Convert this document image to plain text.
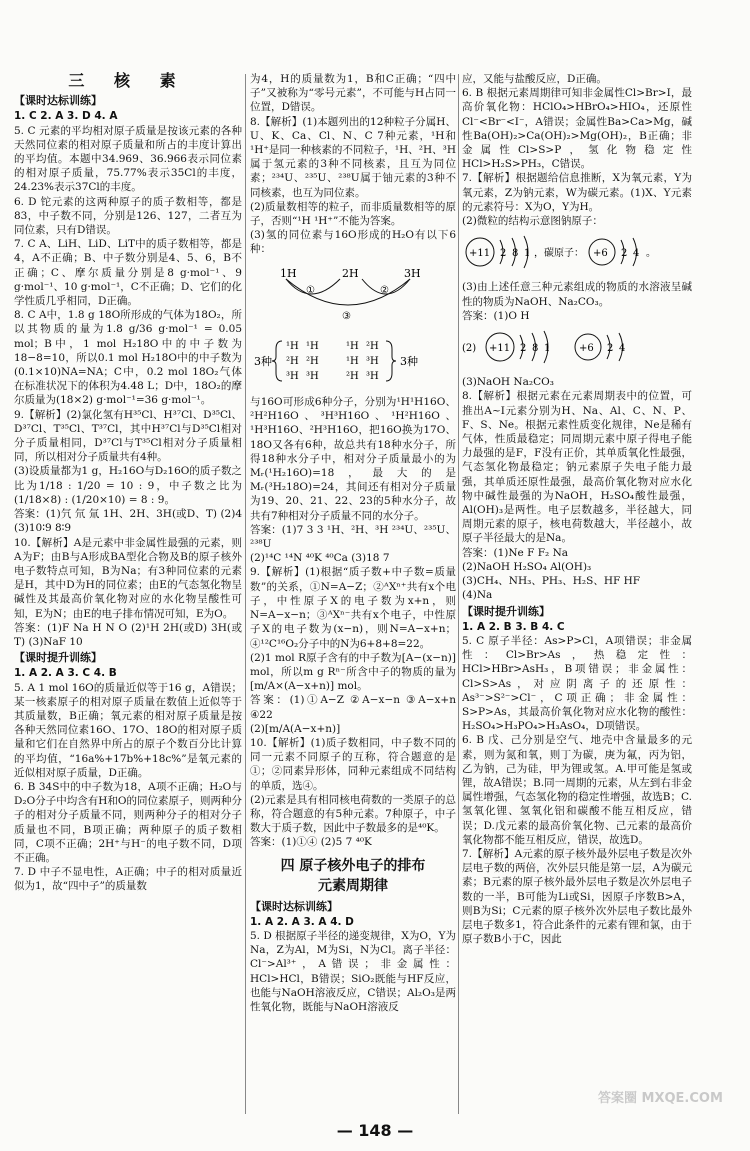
三 核 素
【课时达标训练】
1. C 2. A 3. D 4. A
5. C 元素的平均相对原子质量是按该元素的各种天然同位素的相对原子质量和所占的丰度计算出的平均值。本题中34.969、36.966表示同位素的相对原子质量，75.77%表示35Cl的丰度，24.23%表示37Cl的丰度。
6. D 铊元素的这两种原子的质子数相等，都是83，中子数不同，分别是126、127，二者互为同位素，只有D错误。
7. C A、LiH、LiD、LiT中的质子数相等，都是4，A不正确；B、中子数分别是4、5、6，B不正确；C、摩尔质量分别是8 g·mol⁻¹、9 g·mol⁻¹、10 g·mol⁻¹，C不正确；D、它们的化学性质几乎相同，D正确。
8. C A中，1.8 g 18O所形成的气体为18O₂，所以其物质的量为1.8 g/36 g·mol⁻¹ = 0.05 mol；B中，1 mol H₂18O中的中子数为18−8=10，所以0.1 mol H₂18O中的中子数为(0.1×10)NA=NA；C中，0.2 mol 18O₂气体在标准状况下的体积为4.48 L；D中，18O₂的摩尔质量为(18×2) g·mol⁻¹=36 g·mol⁻¹。
9.【解析】(2)氯化氢有H³⁵Cl、H³⁷Cl、D³⁵Cl、D³⁷Cl、T³⁵Cl、T³⁷Cl，其中H³⁷Cl与D³⁵Cl相对分子质量相同，D³⁷Cl与T³⁵Cl相对分子质量相同，所以相对分子质量共有4种。
(3)设质量都为1 g，H₂16O与D₂16O的质子数之比为1/18 : 1/20 = 10 : 9，中子数之比为(1/18×8) : (1/20×10) = 8 : 9。
答案：(1)氕 氘 氚 1H、2H、3H(或D、T) (2)4 (3)10∶9 8∶9
10.【解析】A是元素中非金属性最强的元素，则A为F；由B与A形成BA型化合物及B的原子核外电子数特点可知，B为Na；有3种同位素的元素是H，其中D为H的同位素；由E的气态氢化物呈碱性及其最高价氧化物对应的水化物呈酸性可知，E为N；由E的电子排布情况可知，E为O。
答案：(1)F Na H N O (2)¹H 2H(或D) 3H(或T) (3)NaF 10
【课时提升训练】
1. A 2. A 3. C 4. B
5. A 1 mol 16O的质量近似等于16 g，A错误；某一核素原子的相对原子质量在数值上近似等于其质量数，B正确；氧元素的相对原子质量是按各种天然同位素16O、17O、18O的相对原子质量和它们在自然界中所占的原子个数百分比计算的平均值，“16a%+17b%+18c%”是氧元素的近似相对原子质量，D正确。
6. B 34S中的中子数为18，A项不正确；H₂O与D₂O分子中均含有H和O的同位素原子，则两种分子的相对分子质量不同，则两种分子的相对分子质量也不同，B项正确；两种原子的质子数相同，C项不正确；2H⁺与H⁻的电子数不同，D项不正确。
7. D 中子不显电性，A正确；中子的相对质量近似为1，故“四中子”的质量数
为4，H的质量数为1，B和C正确；“四中子”又被称为“零号元素”，不可能与H占同一位置，D错误。
8.【解析】(1)本题列出的12种粒子分属H、U、K、Ca、Cl、N、C 7种元素，¹H和¹H⁺是同一种核素的不同粒子，¹H、²H、³H属于氢元素的3种不同核素，且互为同位素；²³⁴U、²³⁵U、²³⁸U属于铀元素的3种不同核素，也互为同位素。
(2)质量数相等的粒子，而非质量数相等的原子，否则“¹H ¹H⁺”不能为答案。
(3)氢的同位素与16O形成的H₂O有以下6种：
1H	2H	3H
①	②
③

3种
¹H ¹H
²H ²H
³H ³H
¹H ²H
¹H ³H
²H ³H
3种
与16O可形成6种分子，分别为¹H¹H16O、²H²H16O、³H³H16O、¹H²H16O、¹H³H16O、²H³H16O，把16O换为17O、18O又各有6种，故总共有18种水分子，所得18种水分子中，相对分子质量最小的为Mᵣ(¹H₂16O)=18，最大的是Mᵣ(³H₂18O)=24，其间还有相对分子质量为19、20、21、22、23的5种水分子，故共有7种相对分子质量不同的水分子。
答案：(1)7 3 3 ¹H、²H、³H ²³⁴U、²³⁵U、²³⁸U
(2)¹⁴C ¹⁴N ⁴⁰K ⁴⁰Ca (3)18 7
9.【解析】(1)根据“质子数+中子数=质量数”的关系，①N=A−Z；②ᴬXⁿ⁺共有x个电子，中性原子X的电子数为x+n，则N=A−x−n；③ᴬXⁿ⁻共有x个电子，中性原子X的电子数为(x−n)，则N=A−x+n；④¹²C¹⁶O₂分子中的N为6+8+8=22。
(2)1 mol R原子含有的中子数为[A−(x−n)] mol，所以m g Rⁿ⁻所含中子的物质的量为[m/A×(A−x+n)] mol。
答案：(1)①A−Z ②A−x−n ③A−x+n ④22
(2)[m/A(A−x+n)]
10.【解析】(1)质子数相同，中子数不同的同一元素不同原子的互称，符合题意的是①；②同素异形体，同种元素组成不同结构的单质，选④。
(2)元素是具有相同核电荷数的一类原子的总称，符合题意的有5种元素。7种原子，中子数大于质子数，因此中子数最多的是⁴⁰K。
答案：(1)①④ (2)5 7 ⁴⁰K
四 原子核外电子的排布
元素周期律
【课时达标训练】
1. A 2. A 3. A 4. D
5. D 根据原子半径的递变规律，X为O，Y为Na，Z为Al，M为Si，N为Cl。离子半径：Cl⁻>Al³⁺，A错误；非金属性：HCl>HCl，B错误；SiO₂既能与HF反应，也能与NaOH溶液反应，C错误；Al₂O₃是两性氧化物，既能与NaOH溶液反
应，又能与盐酸反应，D正确。
6. B 根据元素周期律可知非金属性Cl>Br>I，最高价氧化物：HClO₄>HBrO₄>HIO₄，还原性Cl⁻<Br⁻<I⁻，A错误；金属性Ba>Ca>Mg，碱性Ba(OH)₂>Ca(OH)₂>Mg(OH)₂，B正确；非金属性Cl>S>P，氢化物稳定性HCl>H₂S>PH₃，C错误。
7.【解析】根据题给信息推断，X为氧元素，Y为氧元素，Z为钠元素，W为碳元素。(1)X、Y元素的元素符号：X为O，Y为H。
(2)微粒的结构示意图钠原子：
+11 2 8 1 ，碳原子： +6 2 4 。
(3)由上述任意三种元素组成的物质的水溶液呈碱性的物质为NaOH、Na₂CO₃。
答案：(1)O H
(2) +11 2 8 1	+6 2 4
(3)NaOH Na₂CO₃
8.【解析】根据元素在元素周期表中的位置，可推出A~I元素分别为H、Na、Al、C、N、P、F、S、Ne。根据元素性质变化规律，Ne是稀有气体，性质最稳定；同周期元素中原子得电子能力最强的是F，F没有正价，其单质氧化性最强，气态氢化物最稳定；钠元素原子失电子能力最强，其单质还原性最强，最高价氧化物对应水化物中碱性最强的为NaOH，H₂SO₄酸性最强，Al(OH)₃是两性。电子层数越多，半径越大，同周期元素的原子，核电荷数越大，半径越小，故原子半径最大的是Na。
答案：(1)Ne F F₂ Na
(2)NaOH H₂SO₄ Al(OH)₃
(3)CH₄、NH₃、PH₃、H₂S、HF HF
(4)Na
【课时提升训练】
1. A 2. B 3. B 4. C
5. C 原子半径：As>P>Cl，A项错误；非金属性：Cl>Br>As，热稳定性：HCl>HBr>AsH₃，B项错误；非金属性：Cl>S>As，对应阴离子的还原性：As³⁻>S²⁻>Cl⁻，C项正确；非金属性：S>P>As，其最高价氧化物对应水化物的酸性：H₂SO₄>H₃PO₄>H₃AsO₄，D项错误。
6. B 戊、己分别是空气、地壳中含量最多的元素，则为氮和氧，则丁为碳，庚为氟，丙为铝，乙为钠，己为硅，甲为锂或氢。A.甲可能是氢或锂，故A错误；B.同一周期的元素，从左到右非金属性增强，气态氢化物的稳定性增强，故选B；C.氢氧化锂、氢氧化铝和碳酸不能互相反应，错误；D.戊元素的最高价氧化物、己元素的最高价氧化物都不能互相反应，错误，故选D。
7.【解析】A元素的原子核外最外层电子数是次外层电子数的两倍，次外层只能是第一层，A为碳元素；B元素的原子核外最外层电子数是次外层电子数的一半，B可能为Li或Si，因原子序数B>A，则B为Si；C元素的原子核外次外层电子数比最外层电子数多1，符合此条件的元素有锂和氯，由于原子数B小于C，因此
— 148 —
答案圈 MXQE.COM
